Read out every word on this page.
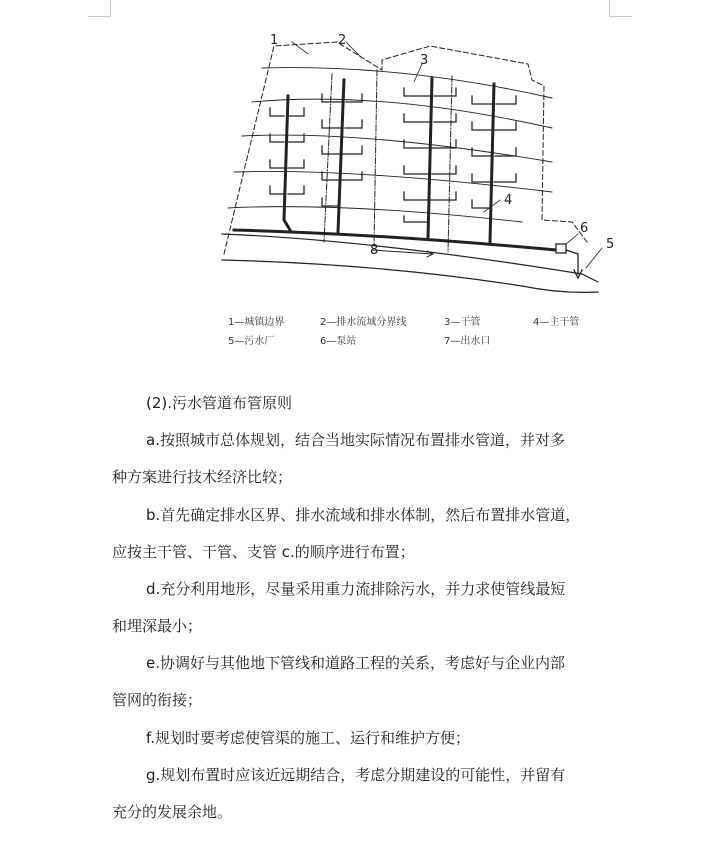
1	2
3
4
5
6
8
1—城镇边界	2—排水流域分界线	3—干管	4—主干管
5—污水厂	6—泵站	7—出水口
(2).污水管道布管原则
a.按照城市总体规划，结合当地实际情况布置排水管道，并对多
种方案进行技术经济比较；
b.首先确定排水区界、排水流域和排水体制，然后布置排水管道，
应按主干管、干管、支管 c.的顺序进行布置；
d.充分利用地形，尽量采用重力流排除污水，并力求使管线最短
和埋深最小；
e.协调好与其他地下管线和道路工程的关系，考虑好与企业内部
管网的衔接；
f.规划时要考虑使管渠的施工、运行和维护方便；
g.规划布置时应该近远期结合，考虑分期建设的可能性，并留有
充分的发展余地。
